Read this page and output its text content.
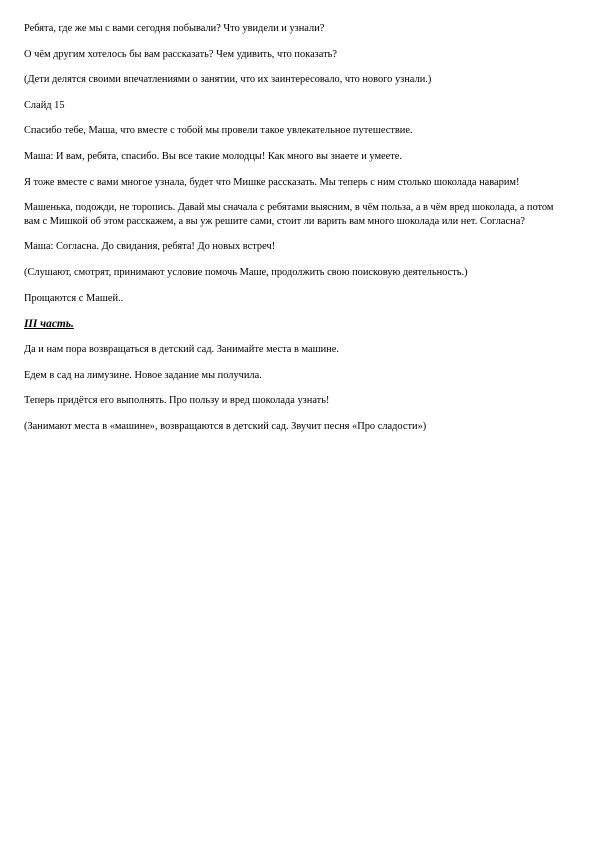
Ребята, где же мы с вами сегодня побывали? Что увидели и узнали?

О чём другим хотелось бы вам рассказать? Чем удивить, что показать?

(Дети делятся своими впечатлениями о занятии, что их заинтересовало, что нового узнали.)

Слайд 15

Спасибо тебе, Маша, что вместе с тобой мы провели такое увлекательное путешествие.

Маша: И вам, ребята, спасибо. Вы все такие молодцы! Как много вы знаете и умеете.

Я тоже вместе с вами многое узнала, будет что Мишке рассказать. Мы теперь с ним столько шоколада наварим!

Машенька, подожди, не торопись. Давай мы сначала с ребятами выясним, в чём польза, а в чём вред шоколада, а потом вам с Мишкой об этом расскажем, а вы уж решите сами, стоит ли варить вам много шоколада или нет. Согласна?

Маша: Согласна. До свидания, ребята! До новых встреч!

(Слушают, смотрят, принимают условие помочь Маше, продолжить свою поисковую деятельность.)

Прощаются с Машей..

III часть.

Да и нам пора возвращаться в детский сад. Занимайте места в машине.

Едем в сад на лимузине. Новое задание мы получила.

Теперь придётся его выполнять. Про пользу и вред шоколада узнать!

(Занимают места в «машине», возвращаются в детский сад. Звучит песня «Про сладости»)
